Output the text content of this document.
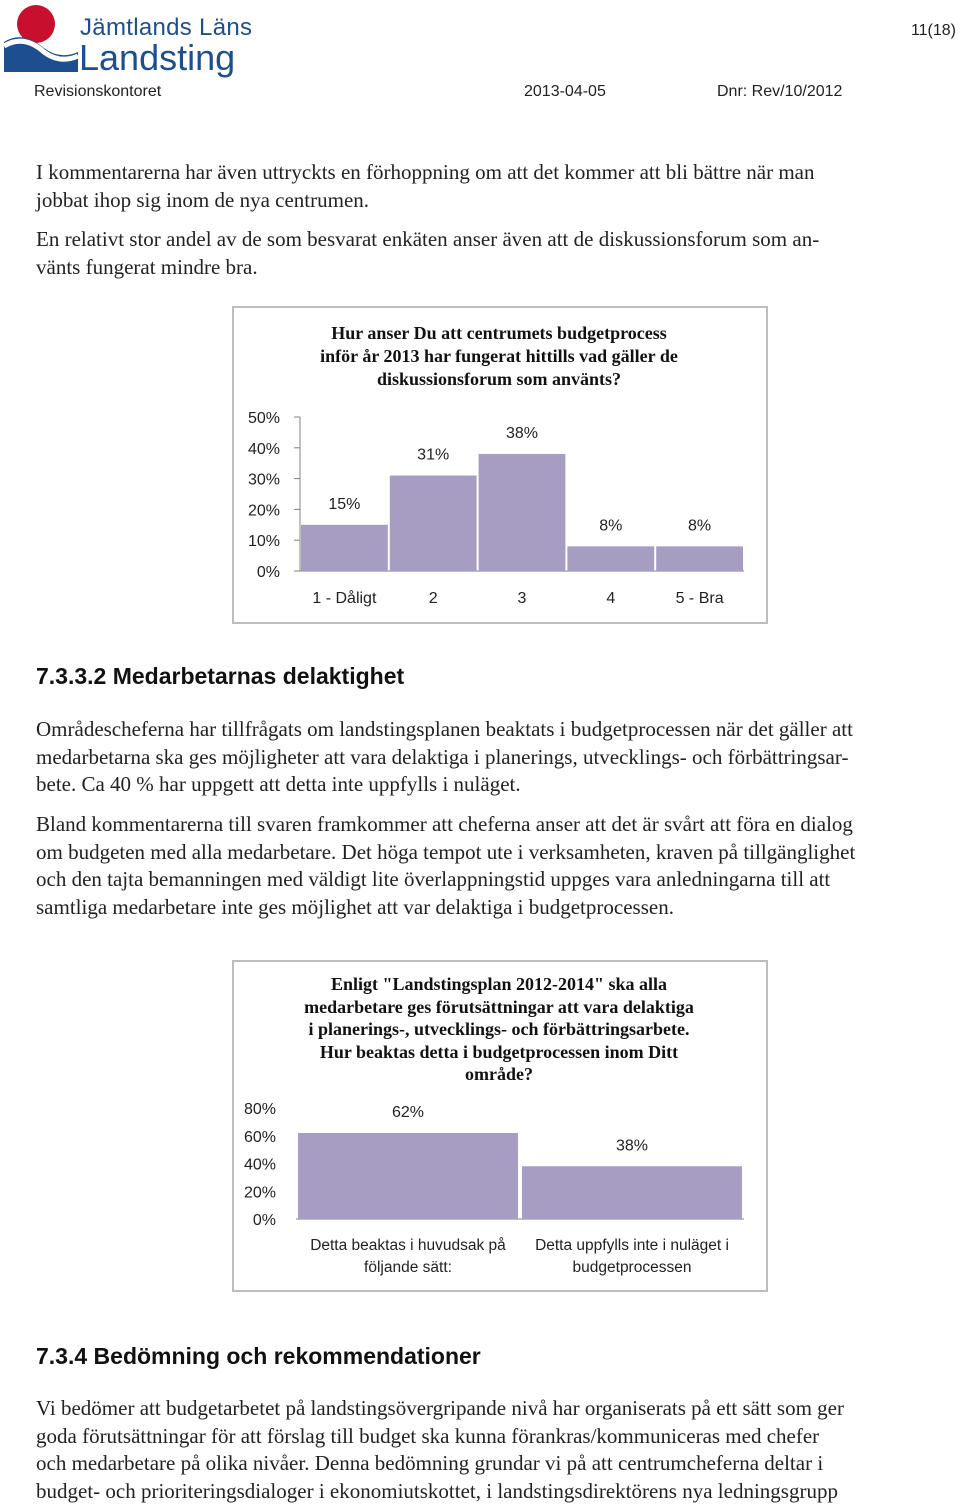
Jämtlands Läns
Landsting
11(18)
Revisionskontoret	2013-04-05	Dnr: Rev/10/2012
I kommentarerna har även uttryckts en förhoppning om att det kommer att bli bättre när man
jobbat ihop sig inom de nya centrumen.
En relativt stor andel av de som besvarat enkäten anser även att de diskussionsforum som an-
vänts fungerat mindre bra.
Hur anser Du att centrumets budgetprocess
inför år 2013 har fungerat hittills vad gäller de
diskussionsforum som använts?
0%
10%
20%
30%
40%
50%
15%
1 - Dåligt
31%
2
38%
3
8%
4
8%
5 - Bra
7.3.3.2 Medarbetarnas delaktighet
Områdescheferna har tillfrågats om landstingsplanen beaktats i budgetprocessen när det gäller att
medarbetarna ska ges möjligheter att vara delaktiga i planerings, utvecklings- och förbättringsar-
bete. Ca 40 % har uppgett att detta inte uppfylls i nuläget.
Bland kommentarerna till svaren framkommer att cheferna anser att det är svårt att föra en dialog
om budgeten med alla medarbetare. Det höga tempot ute i verksamheten, kraven på tillgänglighet
och den tajta bemanningen med väldigt lite överlappningstid uppges vara anledningarna till att
samtliga medarbetare inte ges möjlighet att var delaktiga i budgetprocessen.
Enligt "Landstingsplan 2012-2014" ska alla
medarbetare ges förutsättningar att vara delaktiga
i planerings-, utvecklings- och förbättringsarbete.
Hur beaktas detta i budgetprocessen inom Ditt
område?
0%
20%
40%
60%
80%	62%
Detta beaktas i huvudsak på
följande sätt:
38%
Detta uppfylls inte i nuläget i
budgetprocessen
7.3.4 Bedömning och rekommendationer
Vi bedömer att budgetarbetet på landstingsövergripande nivå har organiserats på ett sätt som ger
goda förutsättningar för att förslag till budget ska kunna förankras/kommuniceras med chefer
och medarbetare på olika nivåer. Denna bedömning grundar vi på att centrumcheferna deltar i
budget- och prioriteringsdialoger i ekonomiutskottet, i landstingsdirektörens nya ledningsgrupp
